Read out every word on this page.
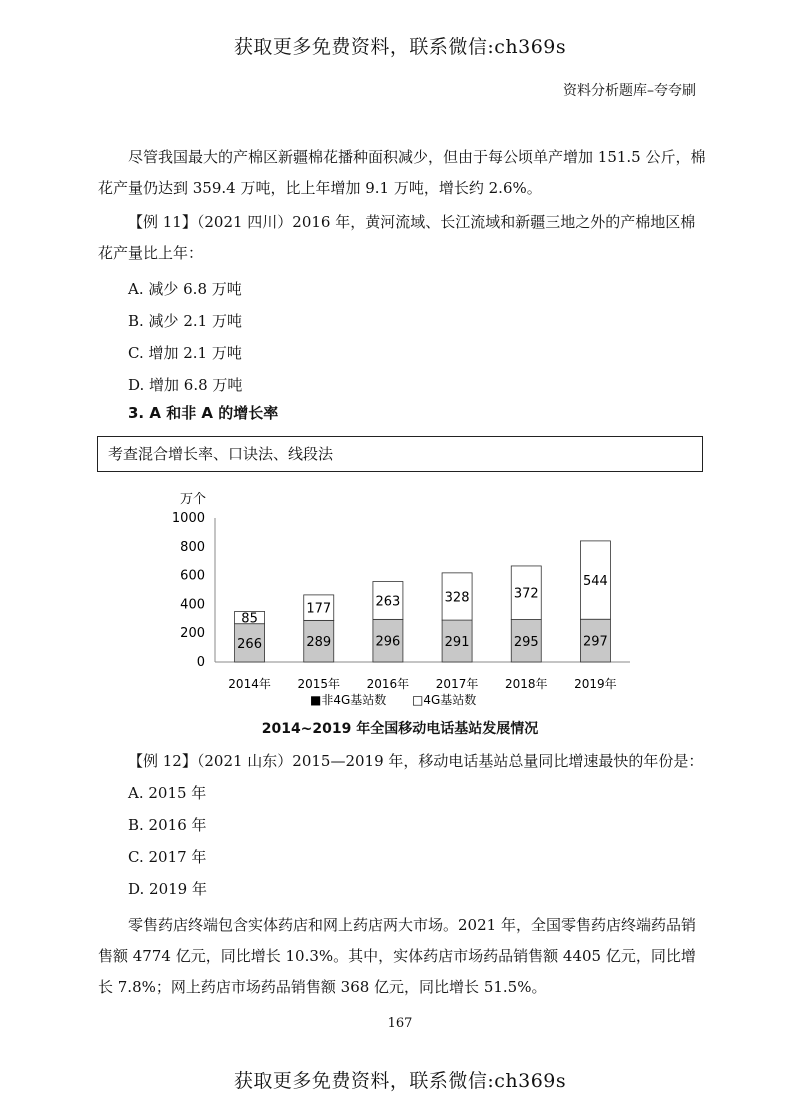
获取更多免费资料，联系微信:ch369s
资料分析题库–夸夸刷
尽管我国最大的产棉区新疆棉花播种面积减少，但由于每公顷单产增加 151.5 公斤，棉花产量仍达到 359.4 万吨，比上年增加 9.1 万吨，增长约 2.6%。
【例 11】（2021 四川）2016 年，黄河流域、长江流域和新疆三地之外的产棉地区棉花产量比上年：
A. 减少 6.8 万吨
B. 减少 2.1 万吨
C. 增加 2.1 万吨
D. 增加 6.8 万吨
3. A 和非 A 的增长率
考查混合增长率、口诀法、线段法
万个
266
85
289
177
296
263
291
328
295
372
297
544
0
200
400
600
800
1000
2014年 2015年 2016年 2017年 2018年 2019年
■非4G基站数 □4G基站数
2014~2019 年全国移动电话基站发展情况
【例 12】（2021 山东）2015—2019 年，移动电话基站总量同比增速最快的年份是：
A. 2015 年
B. 2016 年
C. 2017 年
D. 2019 年
零售药店终端包含实体药店和网上药店两大市场。2021 年，全国零售药店终端药品销售额 4774 亿元，同比增长 10.3%。其中，实体药店市场药品销售额 4405 亿元，同比增长 7.8%；网上药店市场药品销售额 368 亿元，同比增长 51.5%。
167
获取更多免费资料，联系微信:ch369s
